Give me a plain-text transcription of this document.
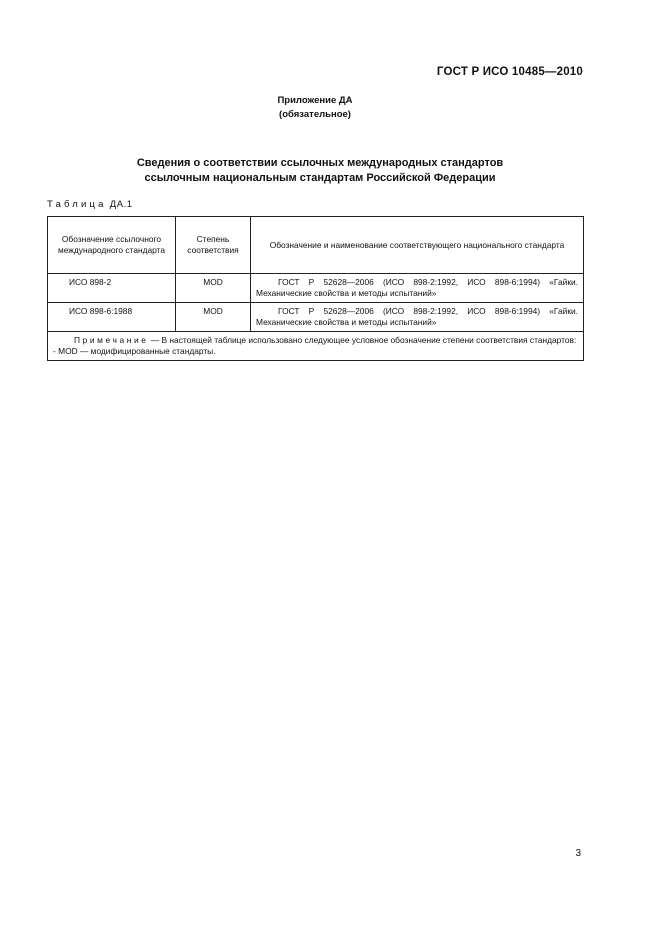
ГОСТ Р ИСО 10485—2010
Приложение ДА
(обязательное)
Сведения о соответствии ссылочных международных стандартов
ссылочным национальным стандартам Российской Федерации
Таблица ДА.1
Обозначение ссылочного международного стандарта	Степень соответствия	Обозначение и наименование соответствующего национального стандарта
ИСО 898-2	MOD	ГОСТ Р 52628—2006 (ИСО 898-2:1992, ИСО 898-6:1994) «Гайки. Механические свойства и методы испытаний»
ИСО 898-6:1988	MOD	ГОСТ Р 52628—2006 (ИСО 898-2:1992, ИСО 898-6:1994) «Гайки. Механические свойства и методы испытаний»

Примечание — В настоящей таблице использовано следующее условное обозначение степени соответствия стандартов:
- MOD — модифицированные стандарты.		
3
